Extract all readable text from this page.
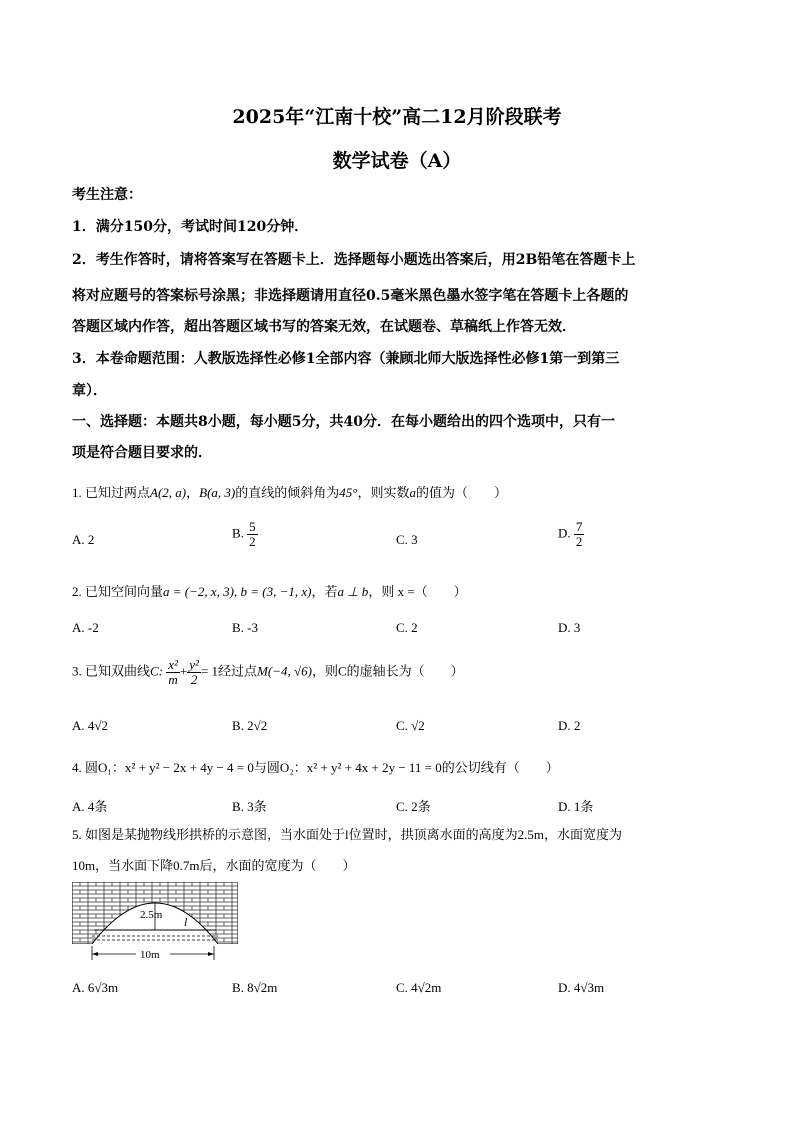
2025年“江南十校”高二12月阶段联考
数学试卷（A）
考生注意：
1．满分150分，考试时间120分钟．
2．考生作答时，请将答案写在答题卡上．选择题每小题选出答案后，用2B铅笔在答题卡上
将对应题号的答案标号涂黑；非选择题请用直径0.5毫米黑色墨水签字笔在答题卡上各题的
答题区域内作答，超出答题区域书写的答案无效，在试题卷、草稿纸上作答无效．
3．本卷命题范围：人教版选择性必修1全部内容（兼顾北师大版选择性必修1第一到第三
章）．
一、选择题：本题共8小题，每小题5分，共40分．在每小题给出的四个选项中，只有一
项是符合题目要求的．
1. 已知过两点A(2, a)，B(a, 3)的直线的倾斜角为45°，则实数a的值为（　　）
A. 2	B. $\frac{5}{2}$	C. 3	D. $\frac{7}{2}$
2. 已知空间向量a = (−2, x, 3), b = (3, −1, x)，若a ⊥ b，则 x =（　　）
A. -2	B. -3	C. 2	D. 3
3. 已知双曲线C: $\frac{\text{x²}}{m} + \frac{\text{y²}}{2} = 1$经过点M(−4, √6)，则C的虚轴长为（　　）
A. 4√2	B. 2√2	C. √2	D. 2
4. 圆O₁：x² + y² − 2x + 4y − 4 = 0与圆O₂：x² + y² + 4x + 2y − 11 = 0的公切线有（　　）
A. 4条	B. 3条	C. 2条	D. 1条
5. 如图是某抛物线形拱桥的示意图，当水面处于l位置时，拱顶离水面的高度为2.5m，水面宽度为
10m，当水面下降0.7m后，水面的宽度为（　　）
2.5m l
10m
A. 6√3m	B. 8√2m	C. 4√2m	D. 4√3m
